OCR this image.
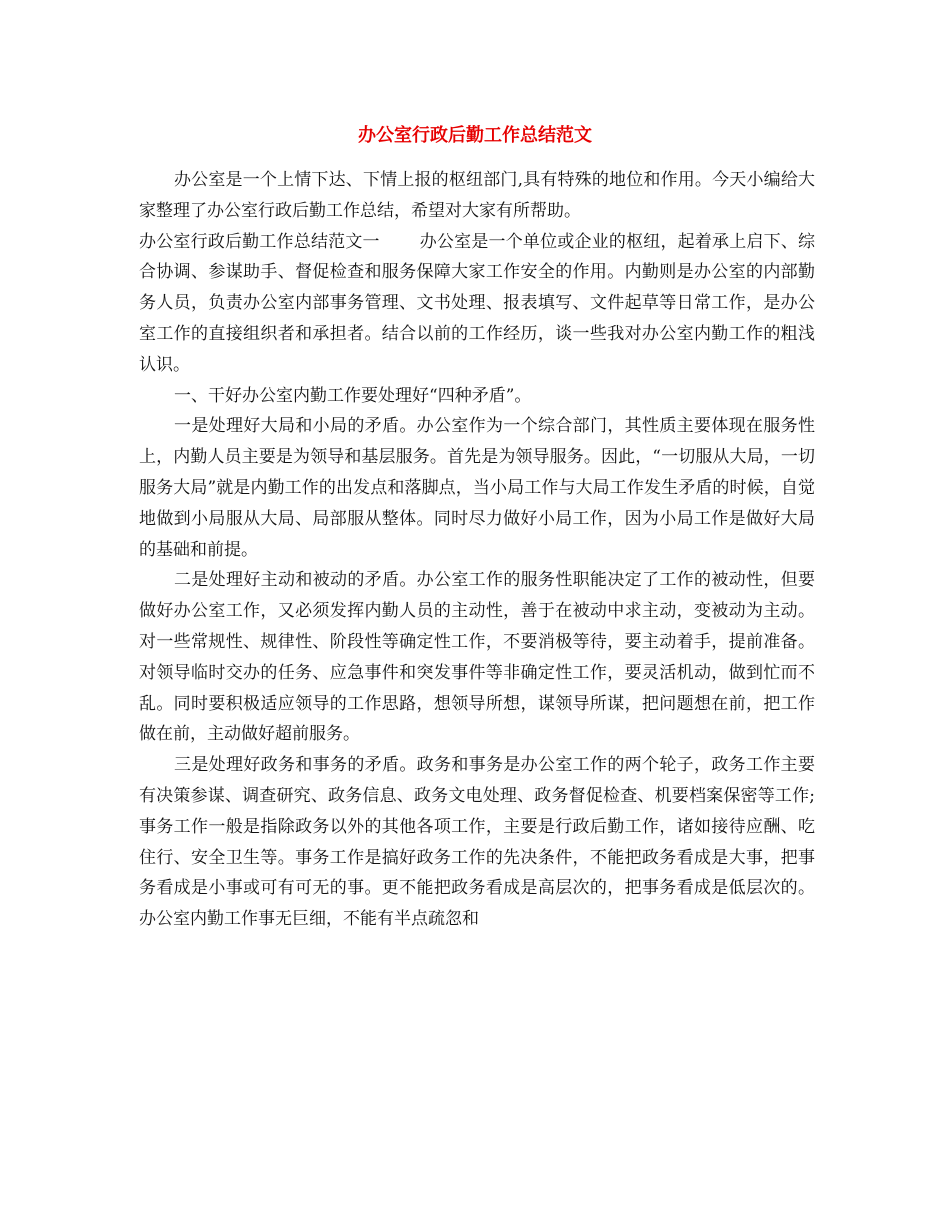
办公室行政后勤工作总结范文

办公室是一个上情下达、下情上报的枢纽部门,具有特殊的地位和作用。今天小编给大家整理了办公室行政后勤工作总结，希望对大家有所帮助。

办公室行政后勤工作总结范文一 办公室是一个单位或企业的枢纽，起着承上启下、综合协调、参谋助手、督促检查和服务保障大家工作安全的作用。内勤则是办公室的内部勤务人员，负责办公室内部事务管理、文书处理、报表填写、文件起草等日常工作，是办公室工作的直接组织者和承担者。结合以前的工作经历，谈一些我对办公室内勤工作的粗浅认识。

一、干好办公室内勤工作要处理好“四种矛盾”。

一是处理好大局和小局的矛盾。办公室作为一个综合部门，其性质主要体现在服务性上，内勤人员主要是为领导和基层服务。首先是为领导服务。因此，“一切服从大局，一切服务大局”就是内勤工作的出发点和落脚点，当小局工作与大局工作发生矛盾的时候，自觉地做到小局服从大局、局部服从整体。同时尽力做好小局工作，因为小局工作是做好大局的基础和前提。

二是处理好主动和被动的矛盾。办公室工作的服务性职能决定了工作的被动性，但要做好办公室工作，又必须发挥内勤人员的主动性，善于在被动中求主动，变被动为主动。对一些常规性、规律性、阶段性等确定性工作，不要消极等待，要主动着手，提前准备。对领导临时交办的任务、应急事件和突发事件等非确定性工作，要灵活机动，做到忙而不乱。同时要积极适应领导的工作思路，想领导所想，谋领导所谋，把问题想在前，把工作做在前，主动做好超前服务。

三是处理好政务和事务的矛盾。政务和事务是办公室工作的两个轮子，政务工作主要有决策参谋、调查研究、政务信息、政务文电处理、政务督促检查、机要档案保密等工作;事务工作一般是指除政务以外的其他各项工作，主要是行政后勤工作，诸如接待应酬、吃住行、安全卫生等。事务工作是搞好政务工作的先决条件，不能把政务看成是大事，把事务看成是小事或可有可无的事。更不能把政务看成是高层次的，把事务看成是低层次的。办公室内勤工作事无巨细，不能有半点疏忽和
